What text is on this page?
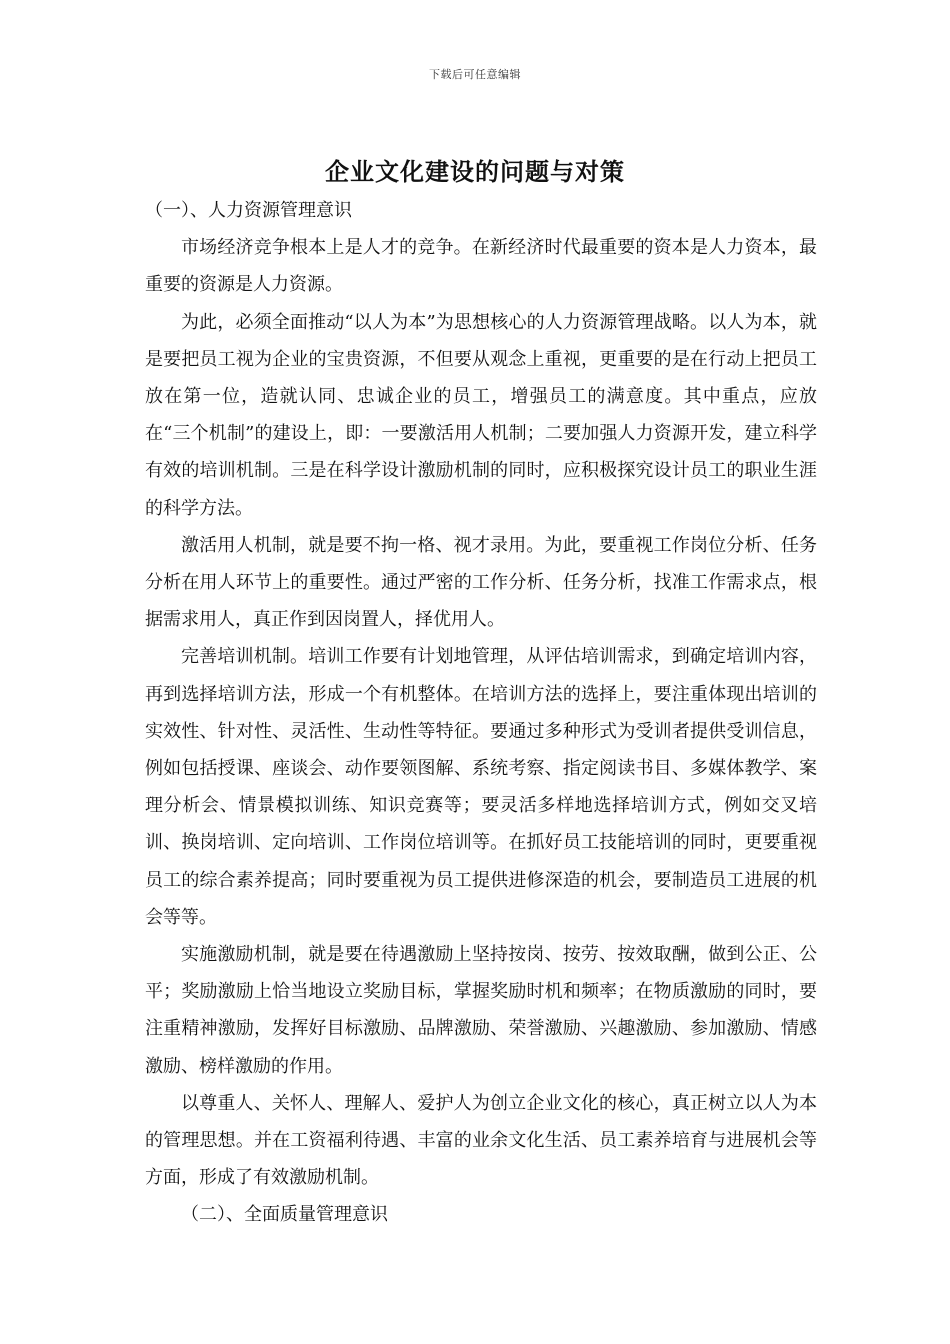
下载后可任意编辑
企业文化建设的问题与对策

（一）、人力资源管理意识

市场经济竞争根本上是人才的竞争。在新经济时代最重要的资本是人力资本，最重要的资源是人力资源。

为此，必须全面推动“以人为本”为思想核心的人力资源管理战略。以人为本，就是要把员工视为企业的宝贵资源，不但要从观念上重视，更重要的是在行动上把员工放在第一位，造就认同、忠诚企业的员工，增强员工的满意度。其中重点，应放在“三个机制”的建设上，即：一要激活用人机制；二要加强人力资源开发，建立科学有效的培训机制。三是在科学设计激励机制的同时，应积极探究设计员工的职业生涯的科学方法。

激活用人机制，就是要不拘一格、视才录用。为此，要重视工作岗位分析、任务分析在用人环节上的重要性。通过严密的工作分析、任务分析，找准工作需求点，根据需求用人，真正作到因岗置人，择优用人。

完善培训机制。培训工作要有计划地管理，从评估培训需求，到确定培训内容，再到选择培训方法，形成一个有机整体。在培训方法的选择上，要注重体现出培训的实效性、针对性、灵活性、生动性等特征。要通过多种形式为受训者提供受训信息，例如包括授课、座谈会、动作要领图解、系统考察、指定阅读书目、多媒体教学、案理分析会、情景模拟训练、知识竞赛等；要灵活多样地选择培训方式，例如交叉培训、换岗培训、定向培训、工作岗位培训等。在抓好员工技能培训的同时，更要重视员工的综合素养提高；同时要重视为员工提供进修深造的机会，要制造员工进展的机会等等。

实施激励机制，就是要在待遇激励上坚持按岗、按劳、按效取酬，做到公正、公平；奖励激励上恰当地设立奖励目标，掌握奖励时机和频率；在物质激励的同时，要注重精神激励，发挥好目标激励、品牌激励、荣誉激励、兴趣激励、参加激励、情感激励、榜样激励的作用。

以尊重人、关怀人、理解人、爱护人为创立企业文化的核心，真正树立以人为本的管理思想。并在工资福利待遇、丰富的业余文化生活、员工素养培育与进展机会等方面，形成了有效激励机制。

（二）、全面质量管理意识
